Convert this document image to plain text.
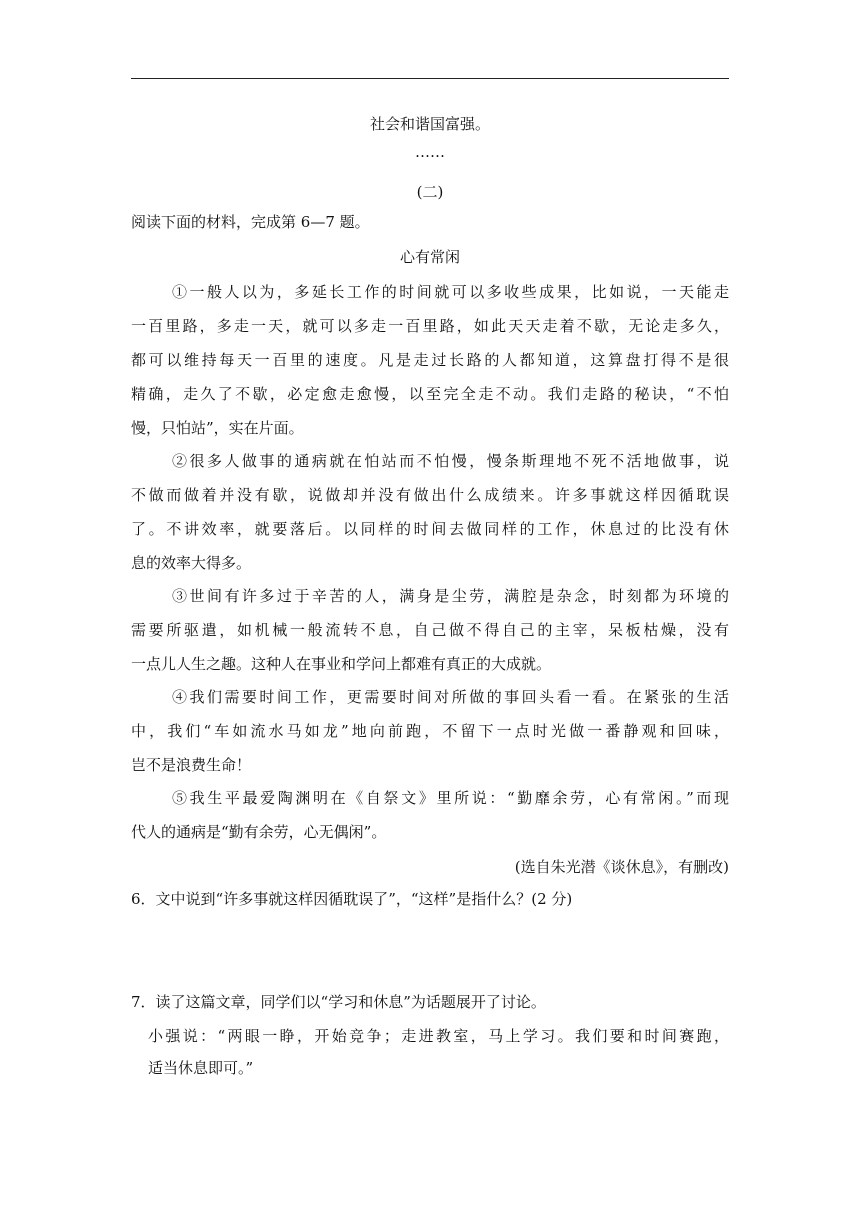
社会和谐国富强。
……
(二)
阅读下面的材料，完成第 6—7 题。
心有常闲
①一般人以为，多延长工作的时间就可以多收些成果，比如说，一天能走
一百里路，多走一天，就可以多走一百里路，如此天天走着不歇，无论走多久，
都可以维持每天一百里的速度。凡是走过长路的人都知道，这算盘打得不是很
精确，走久了不歇，必定愈走愈慢，以至完全走不动。我们走路的秘诀，“不怕
慢，只怕站”，实在片面。
②很多人做事的通病就在怕站而不怕慢，慢条斯理地不死不活地做事，说
不做而做着并没有歇，说做却并没有做出什么成绩来。许多事就这样因循耽误
了。不讲效率，就要落后。以同样的时间去做同样的工作，休息过的比没有休
息的效率大得多。
③世间有许多过于辛苦的人，满身是尘劳，满腔是杂念，时刻都为环境的
需要所驱遣，如机械一般流转不息，自己做不得自己的主宰，呆板枯燥，没有
一点儿人生之趣。这种人在事业和学问上都难有真正的大成就。
④我们需要时间工作，更需要时间对所做的事回头看一看。在紧张的生活
中，我们“车如流水马如龙”地向前跑，不留下一点时光做一番静观和回味，
岂不是浪费生命！
⑤我生平最爱陶渊明在《自祭文》里所说：“勤靡余劳，心有常闲。”而现
代人的通病是“勤有余劳，心无偶闲”。
(选自朱光潜《谈休息》，有删改)
6．文中说到“许多事就这样因循耽误了”，“这样”是指什么？(2 分)
7．读了这篇文章，同学们以“学习和休息”为话题展开了讨论。
小强说：“两眼一睁，开始竞争；走进教室，马上学习。我们要和时间赛跑，
适当休息即可。”
